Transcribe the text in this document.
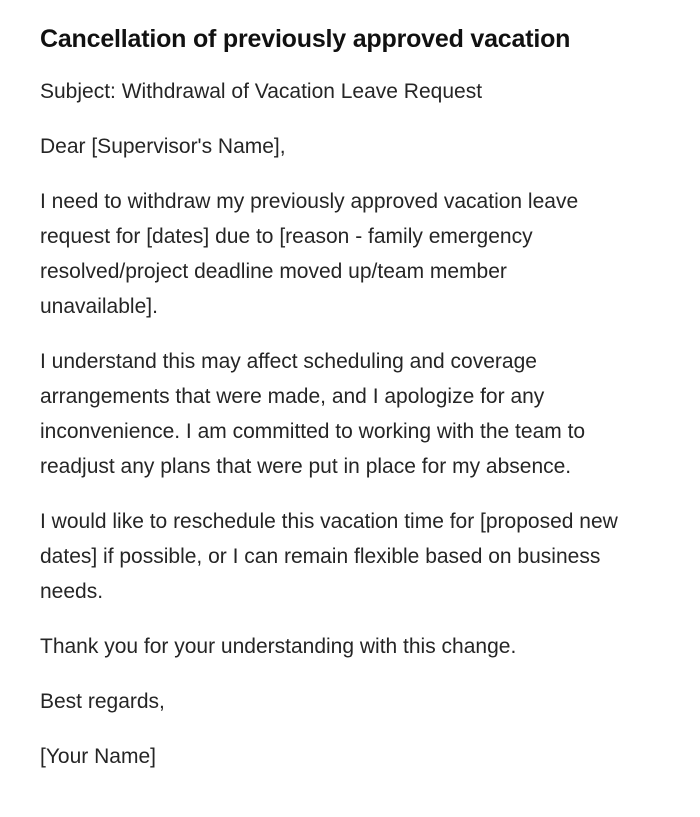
Cancellation of previously approved vacation

Subject: Withdrawal of Vacation Leave Request

Dear [Supervisor's Name],

I need to withdraw my previously approved vacation leave request for [dates] due to [reason - family emergency resolved/project deadline moved up/team member unavailable].

I understand this may affect scheduling and coverage arrangements that were made, and I apologize for any inconvenience. I am committed to working with the team to readjust any plans that were put in place for my absence.

I would like to reschedule this vacation time for [proposed new dates] if possible, or I can remain flexible based on business needs.

Thank you for your understanding with this change.

Best regards,

[Your Name]
